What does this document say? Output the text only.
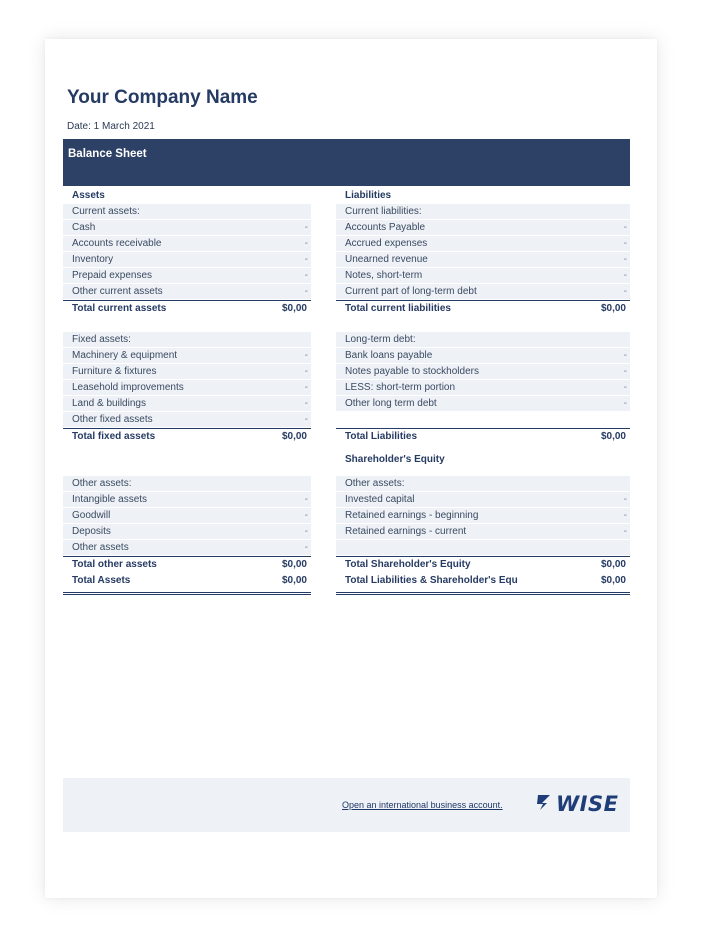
Your Company Name
Date: 1 March 2021
Balance Sheet
Assets
Current assets:
Cash	-
Accounts receivable	-
Inventory	-
Prepaid expenses	-
Other current assets	-
Total current assets	$0,00
Fixed assets:
Machinery & equipment	-
Furniture & fixtures	-
Leasehold improvements	-
Land & buildings	-
Other fixed assets	-
Total fixed assets	$0,00
Other assets:
Intangible assets	-
Goodwill	-
Deposits	-
Other assets	-
Total other assets	$0,00
Total Assets	$0,00
Liabilities
Current liabilities:
Accounts Payable	-
Accrued expenses	-
Unearned revenue	-
Notes, short-term	-
Current part of long-term debt	-
Total current liabilities	$0,00
Long-term debt:
Bank loans payable	-
Notes payable to stockholders	-
LESS: short-term portion	-
Other long term debt	-
Total Liabilities	$0,00
Shareholder's Equity
Other assets:
Invested capital	-
Retained earnings - beginning	-
Retained earnings - current	-
Total Shareholder's Equity	$0,00
Total Liabilities & Shareholder's Equ	$0,00
Open an international business account.	WISE
